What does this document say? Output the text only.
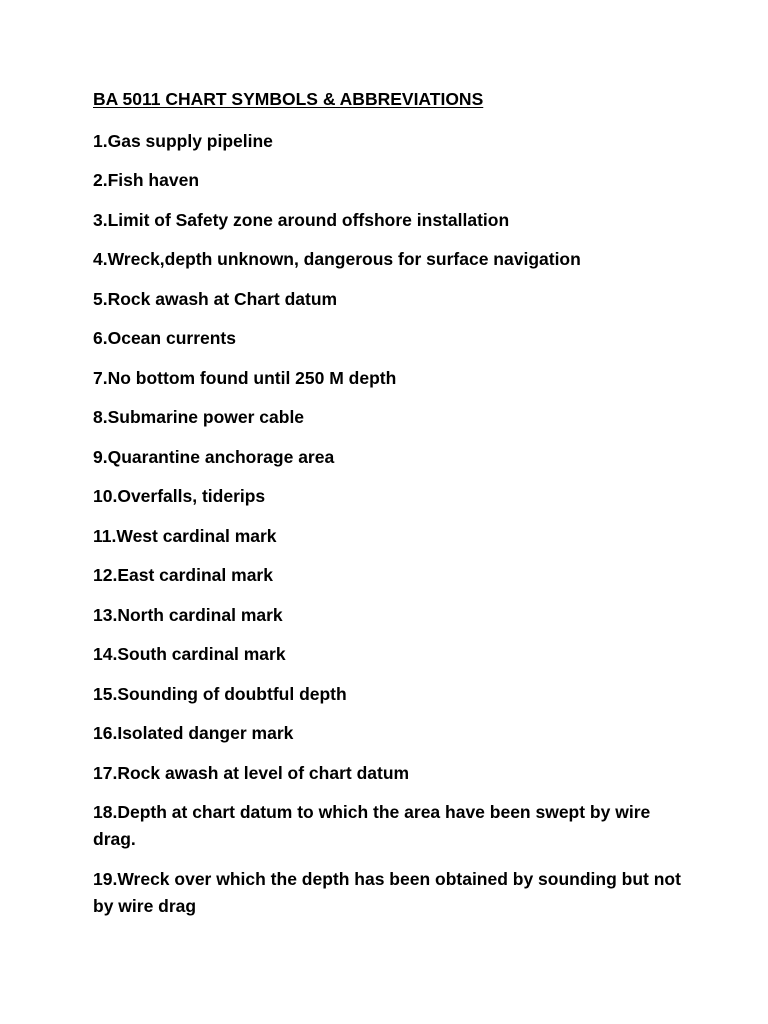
BA 5011 CHART SYMBOLS & ABBREVIATIONS
1.Gas supply pipeline
2.Fish haven
3.Limit of Safety zone around offshore installation
4.Wreck,depth unknown, dangerous for surface navigation
5.Rock awash at Chart datum
6.Ocean currents
7.No bottom found until 250 M depth
8.Submarine power cable
9.Quarantine anchorage area
10.Overfalls, tiderips
11.West cardinal mark
12.East cardinal mark
13.North cardinal mark
14.South cardinal mark
15.Sounding of doubtful depth
16.Isolated danger mark
17.Rock awash at level of chart datum
18.Depth at chart datum to which the area have been swept by wire drag.
19.Wreck over which the depth has been obtained by sounding but not by wire drag
